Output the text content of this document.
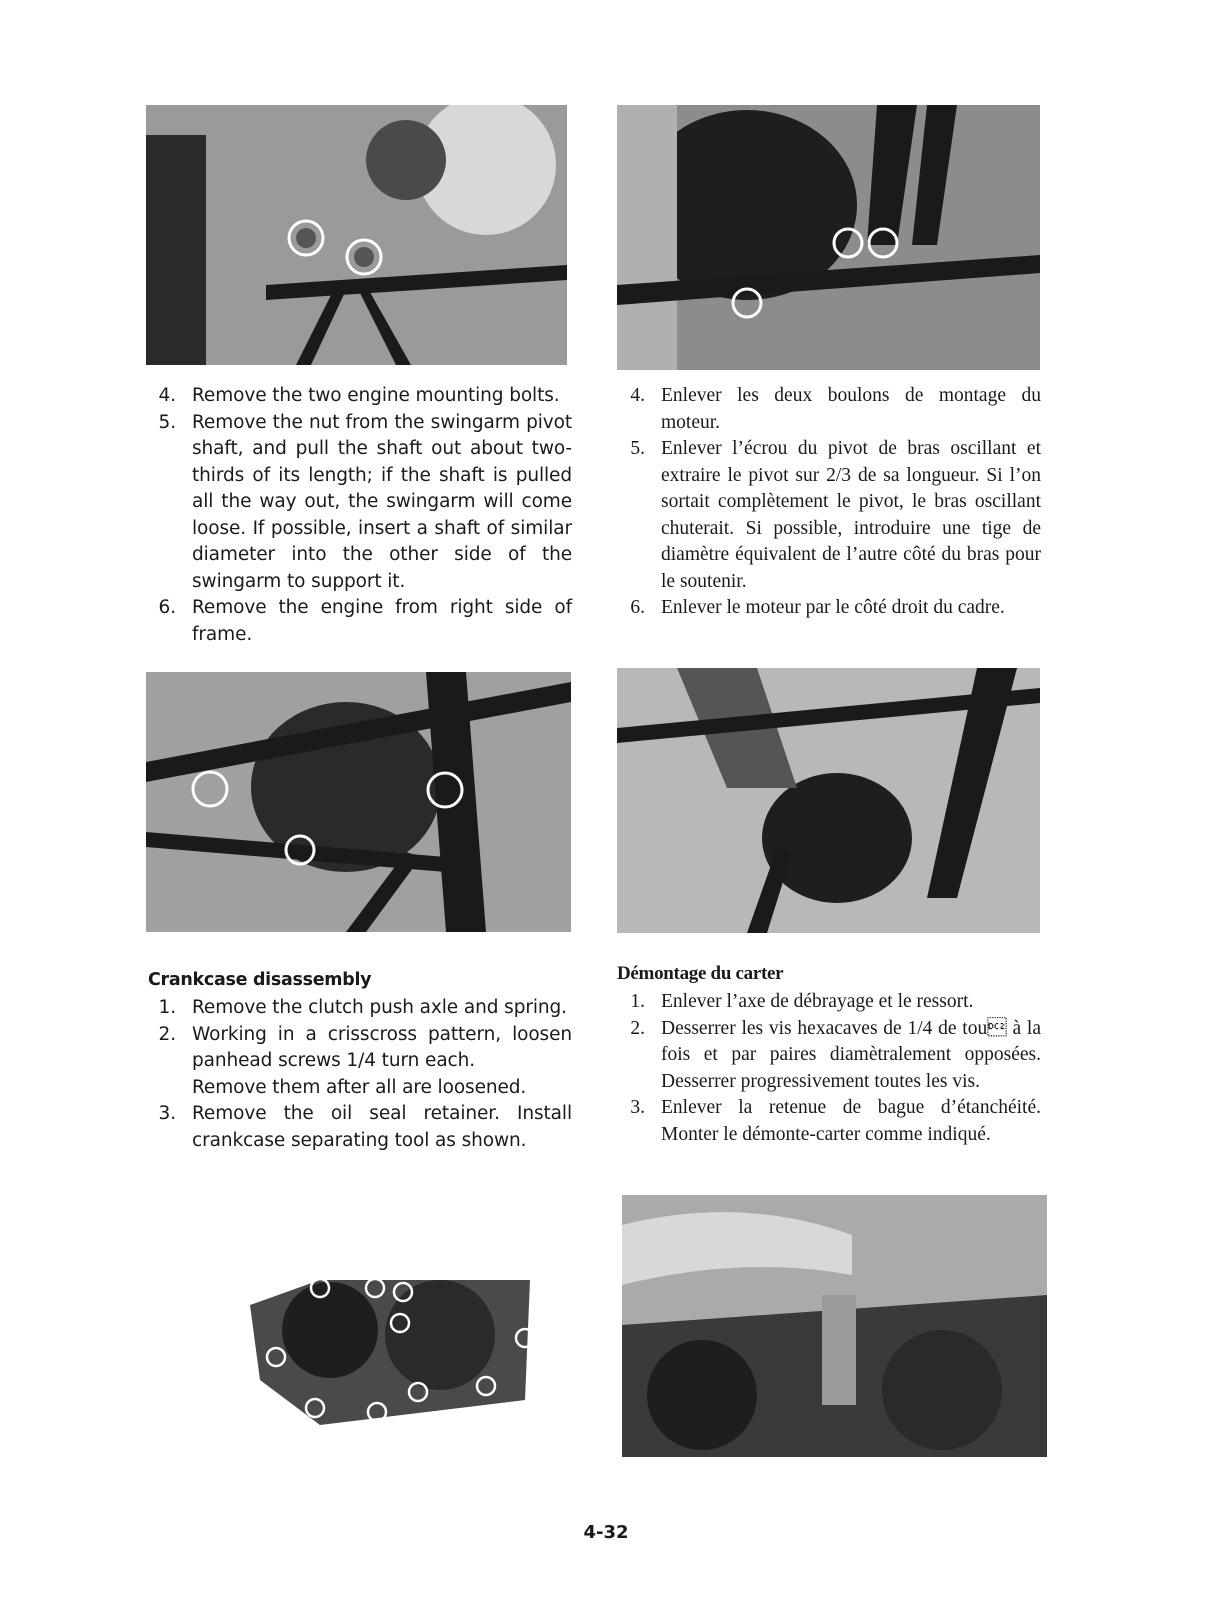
4. Remove the two engine mounting bolts.
5. Remove the nut from the swingarm pivot shaft, and pull the shaft out about two-thirds of its length; if the shaft is pulled all the way out, the swingarm will come loose. If possible, insert a shaft of similar diameter into the other side of the swingarm to support it.
6. Remove the engine from right side of frame.
4. Enlever les deux boulons de montage du moteur.
5. Enlever l’écrou du pivot de bras oscillant et extraire le pivot sur 2/3 de sa longueur. Si l’on sortait complètement le pivot, le bras oscillant chuterait. Si possible, introduire une tige de diamètre équivalent de l’autre côté du bras pour le soutenir.
6. Enlever le moteur par le côté droit du cadre.
Crankcase disassembly
1. Remove the clutch push axle and spring.
2. Working in a crisscross pattern, loosen panhead screws 1/4 turn each.
Remove them after all are loosened.
3. Remove the oil seal retainer. Install crankcase separating tool as shown.
Démontage du carter
1. Enlever l’axe de débrayage et le ressort.
2. Desserrer les vis hexacaves de 1/4 de tou à la fois et par paires diamètralement opposées. Desserrer progressivement toutes les vis.
3. Enlever la retenue de bague d’étanchéité. Monter le démonte-carter comme indiqué.
4-32
